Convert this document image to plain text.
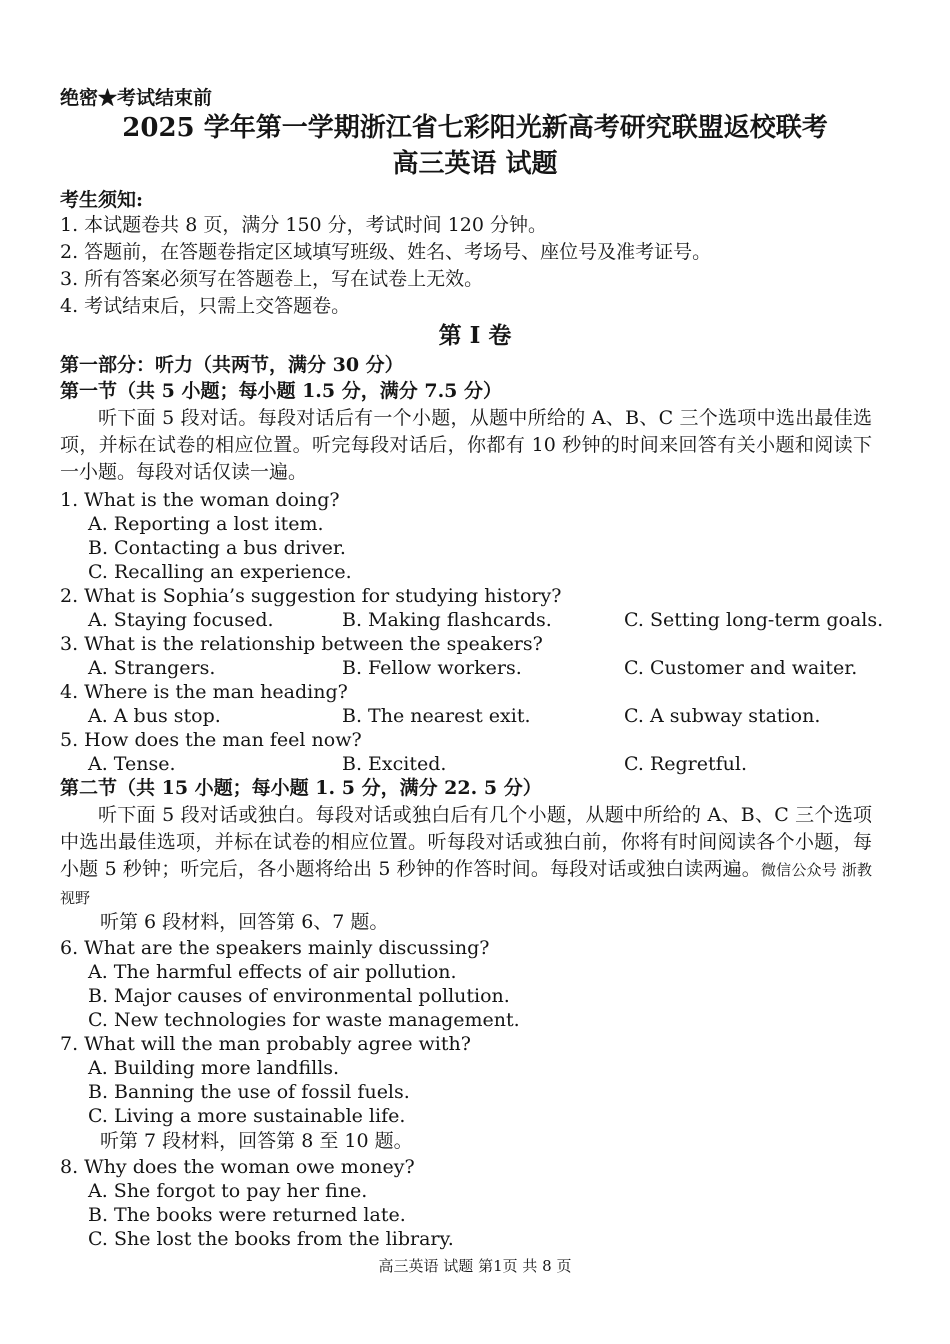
绝密★考试结束前
2025 学年第一学期浙江省七彩阳光新高考研究联盟返校联考
高三英语 试题
考生须知:
1. 本试题卷共 8 页，满分 150 分，考试时间 120 分钟。
2. 答题前，在答题卷指定区域填写班级、姓名、考场号、座位号及准考证号。
3. 所有答案必须写在答题卷上，写在试卷上无效。
4. 考试结束后，只需上交答题卷。
第 I 卷
第一部分：听力（共两节，满分 30 分）
第一节（共 5 小题；每小题 1.5 分，满分 7.5 分）
听下面 5 段对话。每段对话后有一个小题，从题中所给的 A、B、C 三个选项中选出最佳选项，并标在试卷的相应位置。听完每段对话后，你都有 10 秒钟的时间来回答有关小题和阅读下一小题。每段对话仅读一遍。
1. What is the woman doing?
A. Reporting a lost item.
B. Contacting a bus driver.
C. Recalling an experience.
2. What is Sophia’s suggestion for studying history?
A. Staying focused.	B. Making flashcards.	C. Setting long-term goals.
3. What is the relationship between the speakers?
A. Strangers.	B. Fellow workers.	C. Customer and waiter.
4. Where is the man heading?
A. A bus stop.	B. The nearest exit.	C. A subway station.
5. How does the man feel now?
A. Tense.	B. Excited.	C. Regretful.
第二节（共 15 小题；每小题 1. 5 分，满分 22. 5 分）
听下面 5 段对话或独白。每段对话或独白后有几个小题，从题中所给的 A、B、C 三个选项中选出最佳选项，并标在试卷的相应位置。听每段对话或独白前，你将有时间阅读各个小题，每小题 5 秒钟；听完后，各小题将给出 5 秒钟的作答时间。每段对话或独白读两遍。微信公众号 浙教视野
听第 6 段材料，回答第 6、7 题。
6. What are the speakers mainly discussing?
A. The harmful effects of air pollution.
B. Major causes of environmental pollution.
C. New technologies for waste management.
7. What will the man probably agree with?
A. Building more landfills.
B. Banning the use of fossil fuels.
C. Living a more sustainable life.
听第 7 段材料，回答第 8 至 10 题。
8. Why does the woman owe money?
A. She forgot to pay her fine.
B. The books were returned late.
C. She lost the books from the library.
高三英语 试题 第1页 共 8 页
